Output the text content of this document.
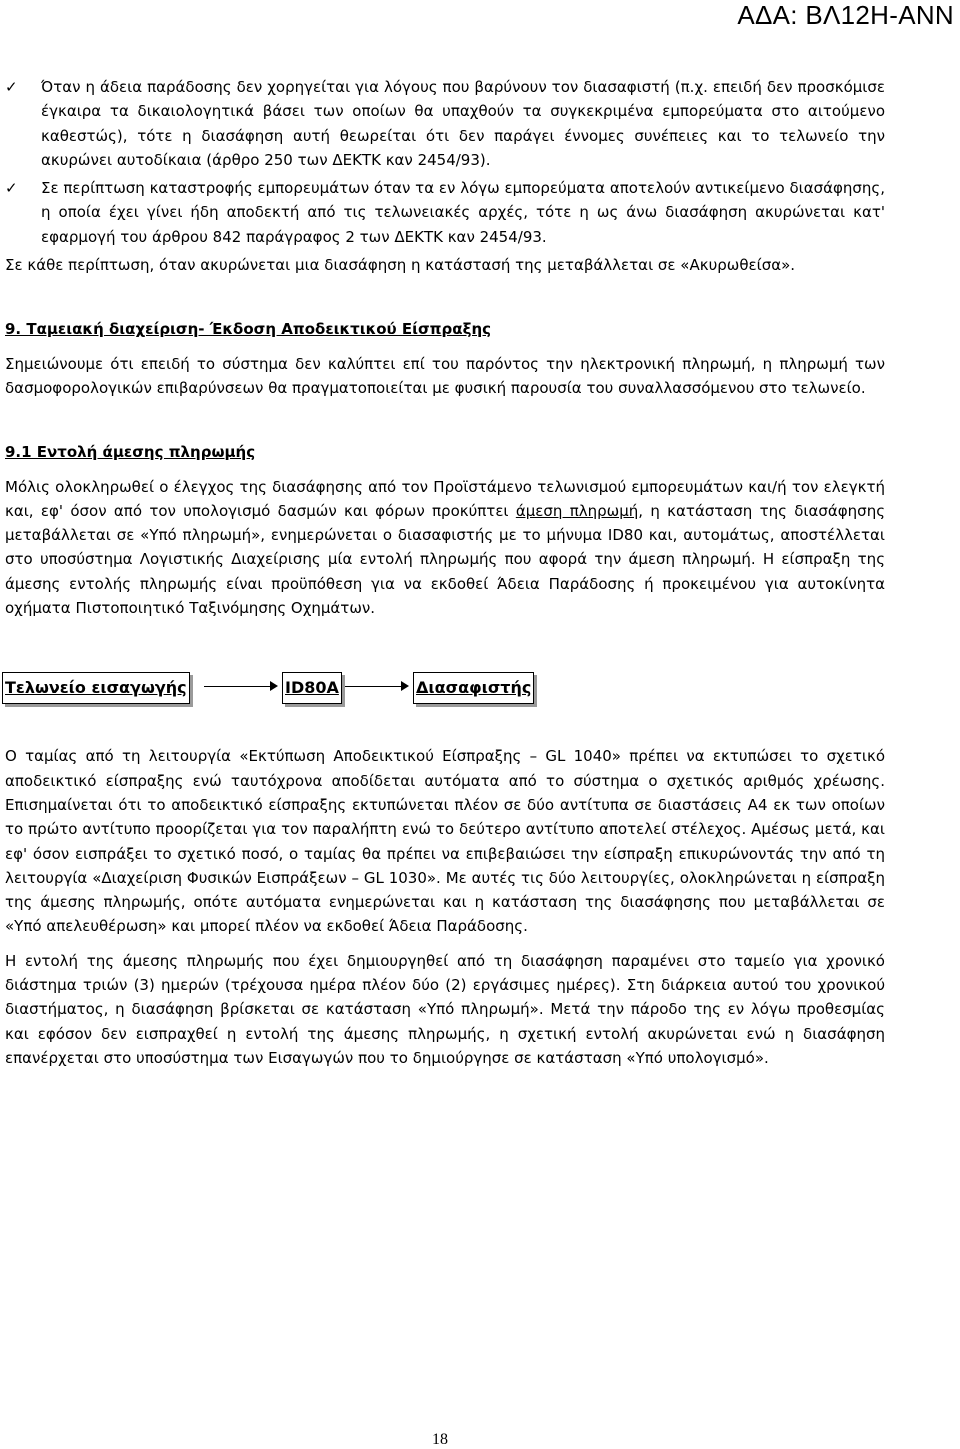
ΑΔΑ: ΒΛ12Η-ΑΝΝ

✓ Όταν η άδεια παράδοσης δεν χορηγείται για λόγους που βαρύνουν τον διασαφιστή (π.χ. επειδή δεν προσκόμισε έγκαιρα τα δικαιολογητικά βάσει των οποίων θα υπαχθούν τα συγκεκριμένα εμπορεύματα στο αιτούμενο καθεστώς), τότε η διασάφηση αυτή θεωρείται ότι δεν παράγει έννομες συνέπειες και το τελωνείο την ακυρώνει αυτοδίκαια (άρθρο 250 των ΔΕΚΤΚ καν 2454/93).

✓ Σε περίπτωση καταστροφής εμπορευμάτων όταν τα εν λόγω εμπορεύματα αποτελούν αντικείμενο διασάφησης, η οποία έχει γίνει ήδη αποδεκτή από τις τελωνειακές αρχές, τότε η ως άνω διασάφηση ακυρώνεται κατ' εφαρμογή του άρθρου 842 παράγραφος 2 των ΔΕΚΤΚ καν 2454/93.

Σε κάθε περίπτωση, όταν ακυρώνεται μια διασάφηση η κατάστασή της μεταβάλλεται σε «Ακυρωθείσα».

9. Ταμειακή διαχείριση- Έκδοση Αποδεικτικού Είσπραξης

Σημειώνουμε ότι επειδή το σύστημα δεν καλύπτει επί του παρόντος την ηλεκτρονική πληρωμή, η πληρωμή των δασμοφορολογικών επιβαρύνσεων θα πραγματοποιείται με φυσική παρουσία του συναλλασσόμενου στο τελωνείο.

9.1 Εντολή άμεσης πληρωμής

Μόλις ολοκληρωθεί ο έλεγχος της διασάφησης από τον Προϊστάμενο τελωνισμού εμπορευμάτων και/ή τον ελεγκτή και, εφ' όσον από τον υπολογισμό δασμών και φόρων προκύπτει άμεση πληρωμή, η κατάσταση της διασάφησης μεταβάλλεται σε «Υπό πληρωμή», ενημερώνεται ο διασαφιστής με το μήνυμα ID80 και, αυτομάτως, αποστέλλεται στο υποσύστημα Λογιστικής Διαχείρισης μία εντολή πληρωμής που αφορά την άμεση πληρωμή. Η είσπραξη της άμεσης εντολής πληρωμής είναι προϋπόθεση για να εκδοθεί Άδεια Παράδοσης ή προκειμένου για αυτοκίνητα οχήματα Πιστοποιητικό Ταξινόμησης Οχημάτων.

Τελωνείο εισαγωγής	ID80A	Διασαφιστής

Ο ταμίας από τη λειτουργία «Εκτύπωση Αποδεικτικού Είσπραξης – GL 1040» πρέπει να εκτυπώσει το σχετικό αποδεικτικό είσπραξης ενώ ταυτόχρονα αποδίδεται αυτόματα από το σύστημα ο σχετικός αριθμός χρέωσης. Επισημαίνεται ότι το αποδεικτικό είσπραξης εκτυπώνεται πλέον σε δύο αντίτυπα σε διαστάσεις Α4 εκ των οποίων το πρώτο αντίτυπο προορίζεται για τον παραλήπτη ενώ το δεύτερο αντίτυπο αποτελεί στέλεχος. Αμέσως μετά, και εφ' όσον εισπράξει το σχετικό ποσό, ο ταμίας θα πρέπει να επιβεβαιώσει την είσπραξη επικυρώνοντάς την από τη λειτουργία «Διαχείριση Φυσικών Εισπράξεων – GL 1030». Με αυτές τις δύο λειτουργίες, ολοκληρώνεται η είσπραξη της άμεσης πληρωμής, οπότε αυτόματα ενημερώνεται και η κατάσταση της διασάφησης που μεταβάλλεται σε «Υπό απελευθέρωση» και μπορεί πλέον να εκδοθεί Άδεια Παράδοσης.

Η εντολή της άμεσης πληρωμής που έχει δημιουργηθεί από τη διασάφηση παραμένει στο ταμείο για χρονικό διάστημα τριών (3) ημερών (τρέχουσα ημέρα πλέον δύο (2) εργάσιμες ημέρες). Στη διάρκεια αυτού του χρονικού διαστήματος, η διασάφηση βρίσκεται σε κατάσταση «Υπό πληρωμή». Μετά την πάροδο της εν λόγω προθεσμίας και εφόσον δεν εισπραχθεί η εντολή της άμεσης πληρωμής, η σχετική εντολή ακυρώνεται ενώ η διασάφηση επανέρχεται στο υποσύστημα των Εισαγωγών που το δημιούργησε σε κατάσταση «Υπό υπολογισμό».

18
